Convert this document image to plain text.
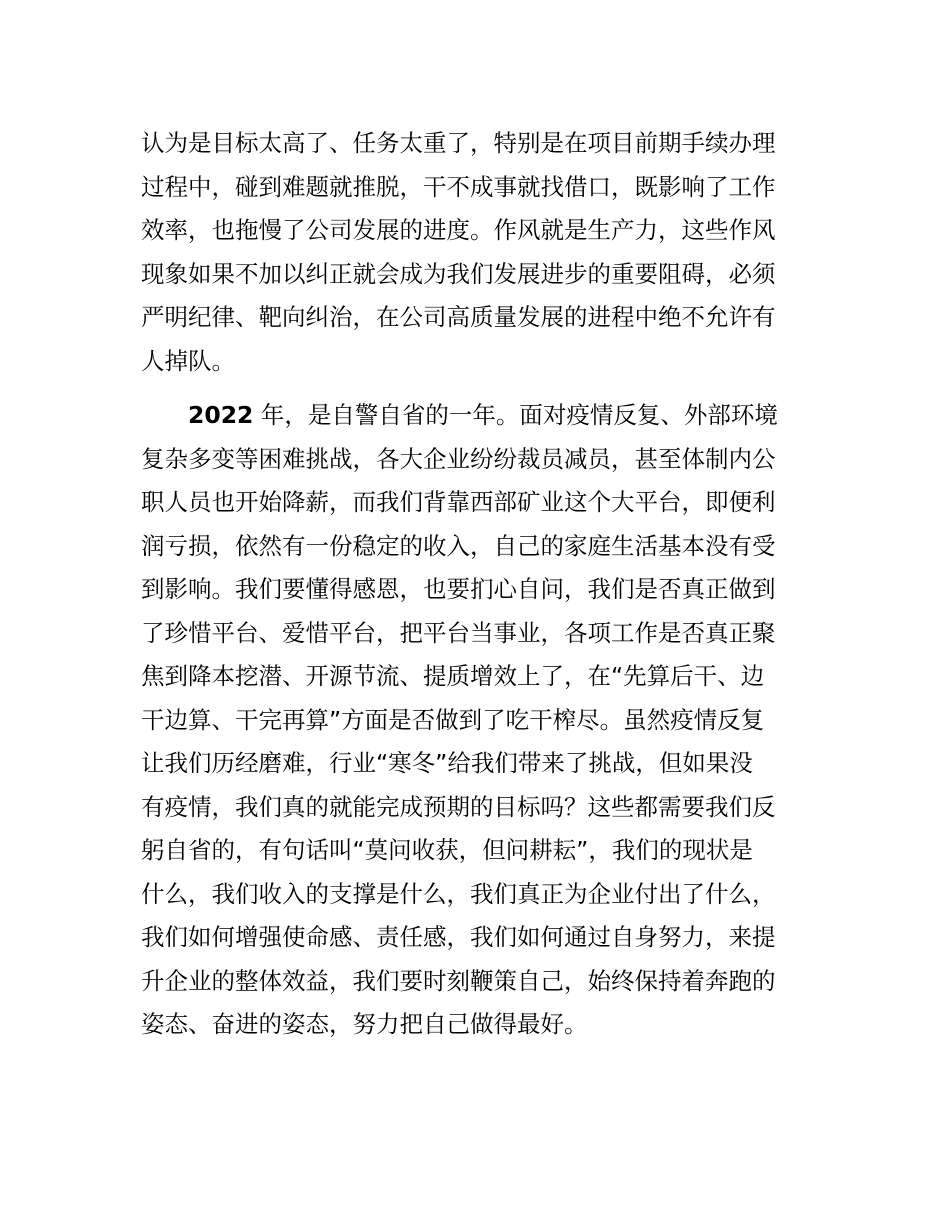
认为是目标太高了、任务太重了，特别是在项目前期手续办理
过程中，碰到难题就推脱，干不成事就找借口，既影响了工作
效率，也拖慢了公司发展的进度。作风就是生产力，这些作风
现象如果不加以纠正就会成为我们发展进步的重要阻碍，必须
严明纪律、靶向纠治，在公司高质量发展的进程中绝不允许有
人掉队。
2022 年，是自警自省的一年。面对疫情反复、外部环境
复杂多变等困难挑战，各大企业纷纷裁员减员，甚至体制内公
职人员也开始降薪，而我们背靠西部矿业这个大平台，即便利
润亏损，依然有一份稳定的收入，自己的家庭生活基本没有受
到影响。我们要懂得感恩，也要扪心自问，我们是否真正做到
了珍惜平台、爱惜平台，把平台当事业，各项工作是否真正聚
焦到降本挖潜、开源节流、提质增效上了，在“先算后干、边
干边算、干完再算”方面是否做到了吃干榨尽。虽然疫情反复
让我们历经磨难，行业“寒冬”给我们带来了挑战，但如果没
有疫情，我们真的就能完成预期的目标吗？这些都需要我们反
躬自省的，有句话叫“莫问收获，但问耕耘”，我们的现状是
什么，我们收入的支撑是什么，我们真正为企业付出了什么，
我们如何增强使命感、责任感，我们如何通过自身努力，来提
升企业的整体效益，我们要时刻鞭策自己，始终保持着奔跑的
姿态、奋进的姿态，努力把自己做得最好。
